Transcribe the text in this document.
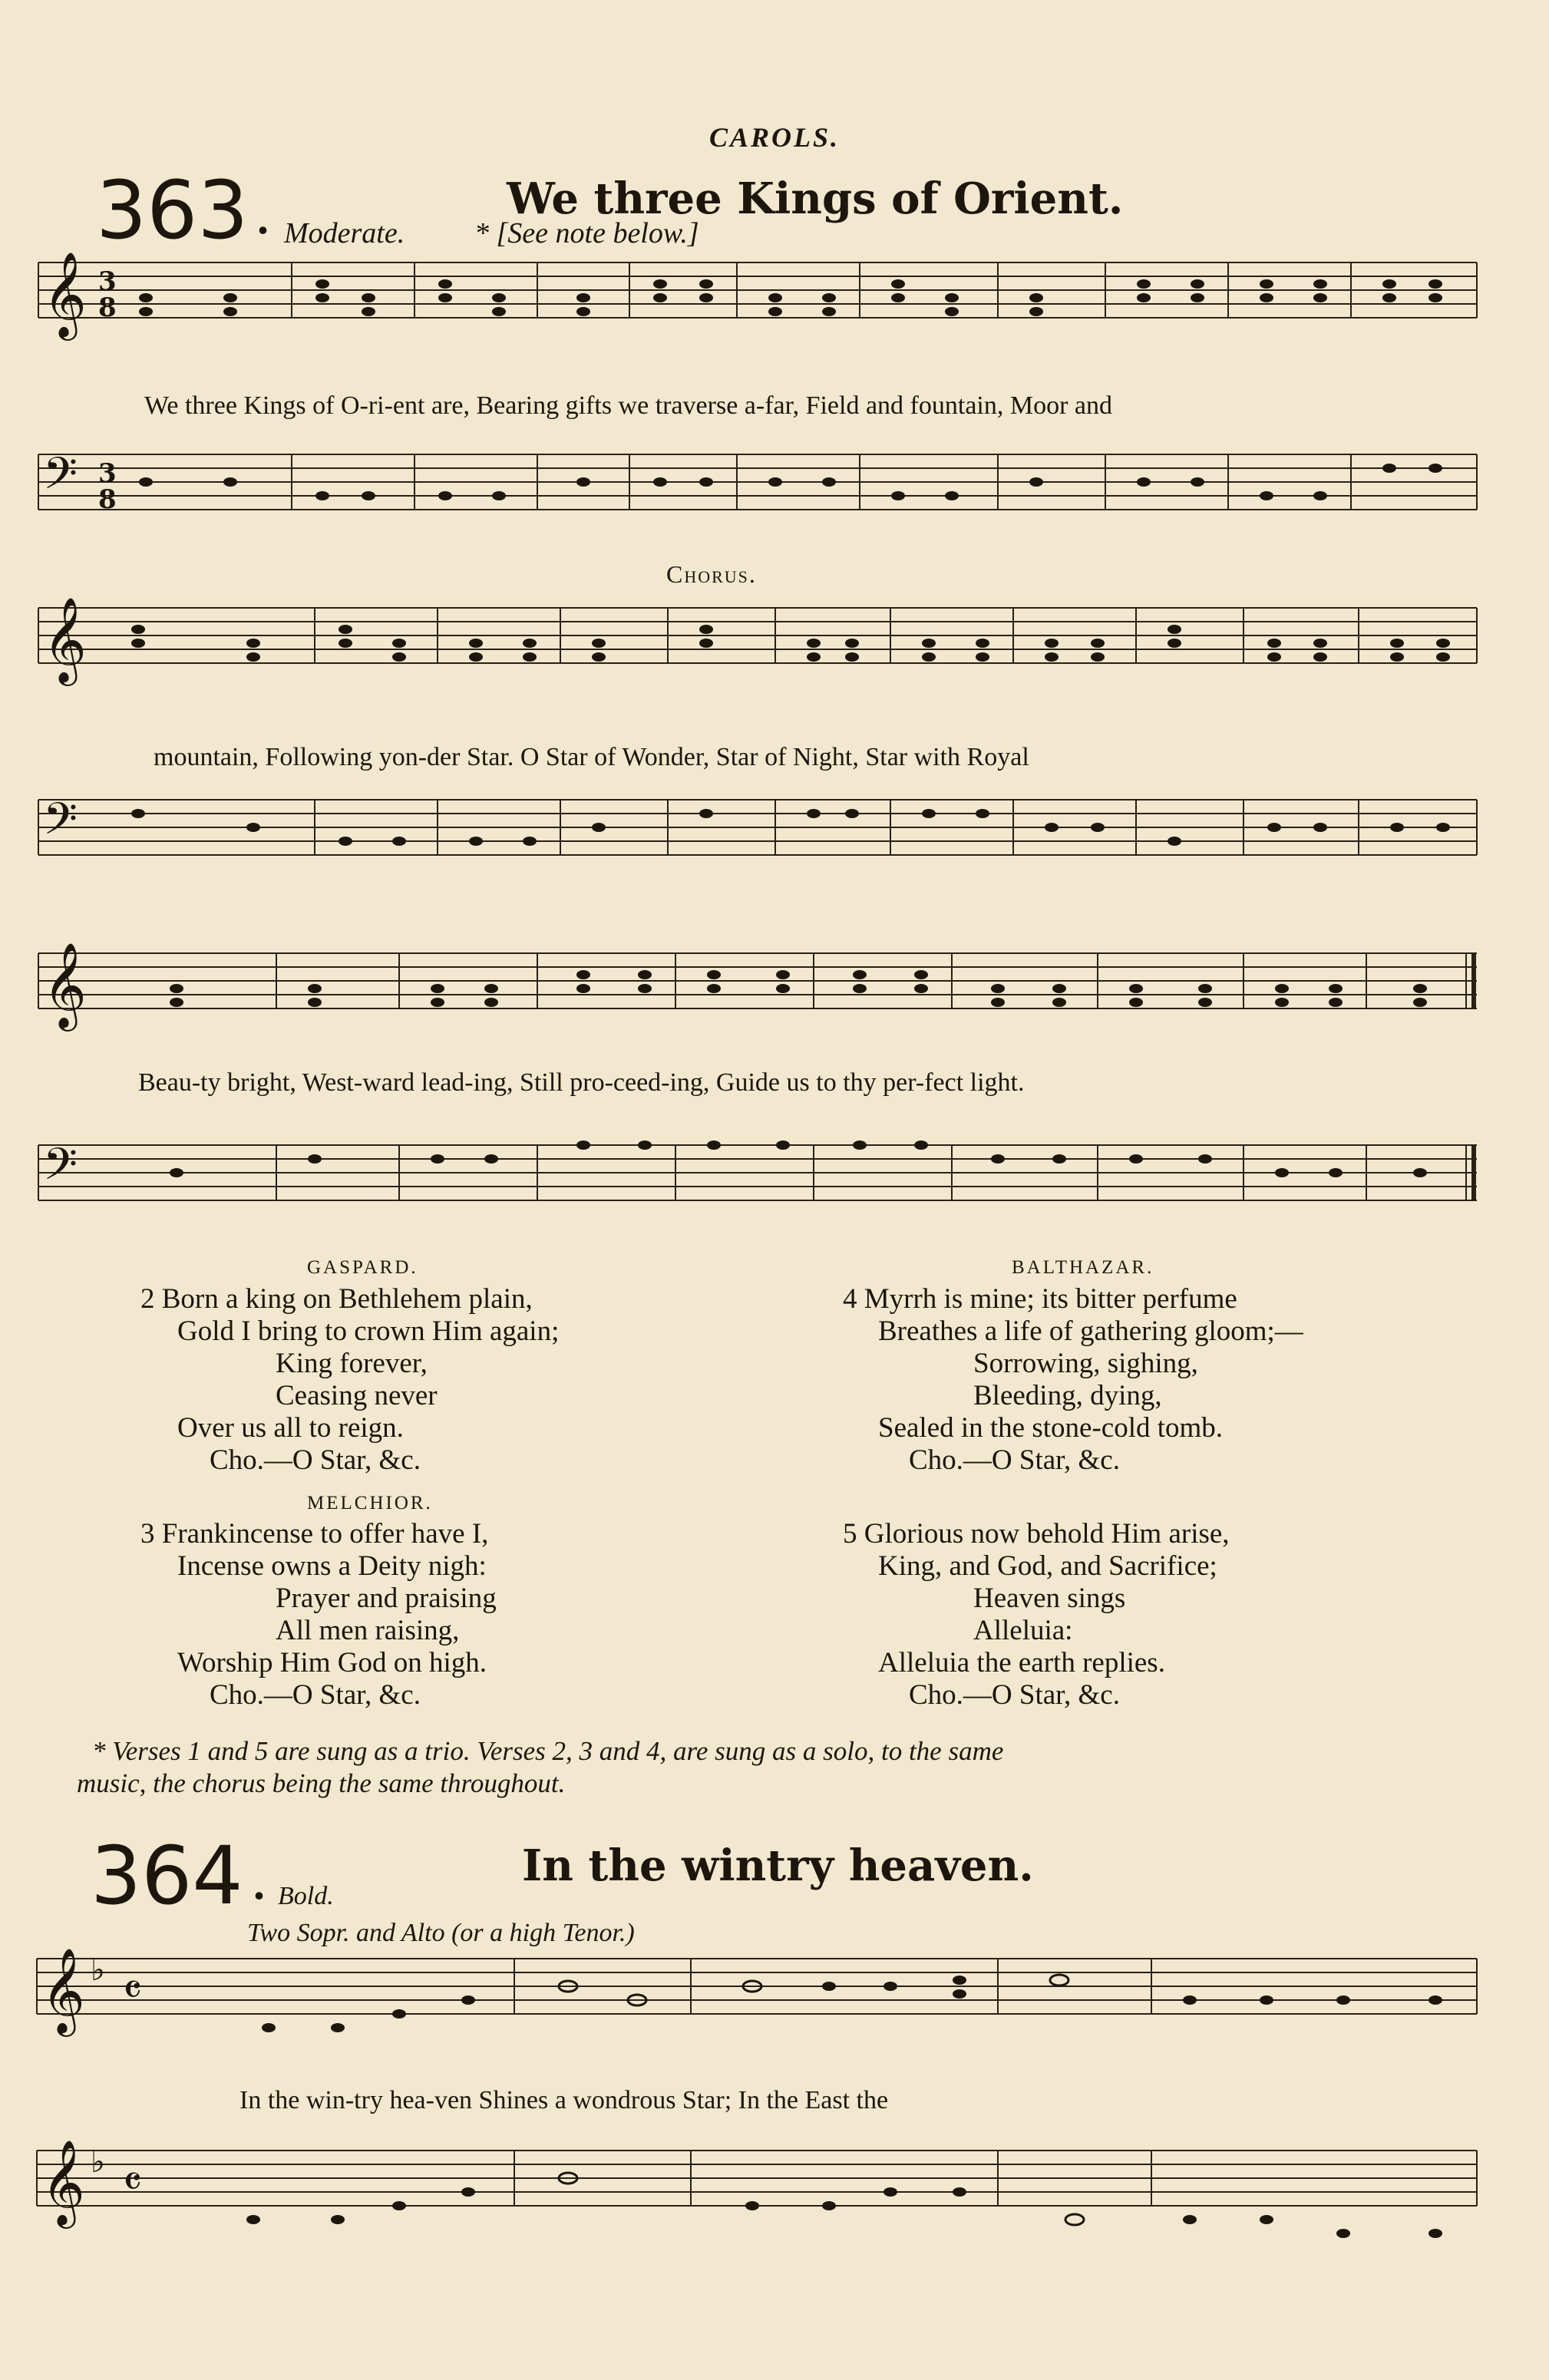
CAROLS.
363 .	We three Kings of Orient.
Moderate. * [See note below.]
𝄞
𝄢
3
8
3
8
We three Kings of O-ri-ent are, Bearing gifts we traverse a-far, Field and fountain, Moor and
Chorus.
𝄞
𝄢
mountain, Following yon-der Star. O Star of Wonder, Star of Night, Star with Royal
𝄞
𝄢
Beau-ty bright, West-ward lead-ing, Still pro-ceed-ing, Guide us to thy per-fect light.
GASPARD.
2 Born a king on Bethlehem plain,
Gold I bring to crown Him again;
King forever,
Ceasing never
Over us all to reign.
Cho.—O Star, &c.
MELCHIOR.
3 Frankincense to offer have I,
Incense owns a Deity nigh:
Prayer and praising
All men raising,
Worship Him God on high.
Cho.—O Star, &c.
BALTHAZAR.
4 Myrrh is mine; its bitter perfume
Breathes a life of gathering gloom;—
Sorrowing, sighing,
Bleeding, dying,
Sealed in the stone-cold tomb.
Cho.—O Star, &c.
5 Glorious now behold Him arise,
King, and God, and Sacrifice;
Heaven sings
Alleluia:
Alleluia the earth replies.
Cho.—O Star, &c.
* Verses 1 and 5 are sung as a trio. Verses 2, 3 and 4, are sung as a solo, to the same
music, the chorus being the same throughout.
364 .	In the wintry heaven.
Bold.
Two Sopr. and Alto (or a high Tenor.)
𝄞
𝄞
𝄴
𝄴
♭
♭
In the win-try hea-ven Shines a wondrous Star; In the East the
